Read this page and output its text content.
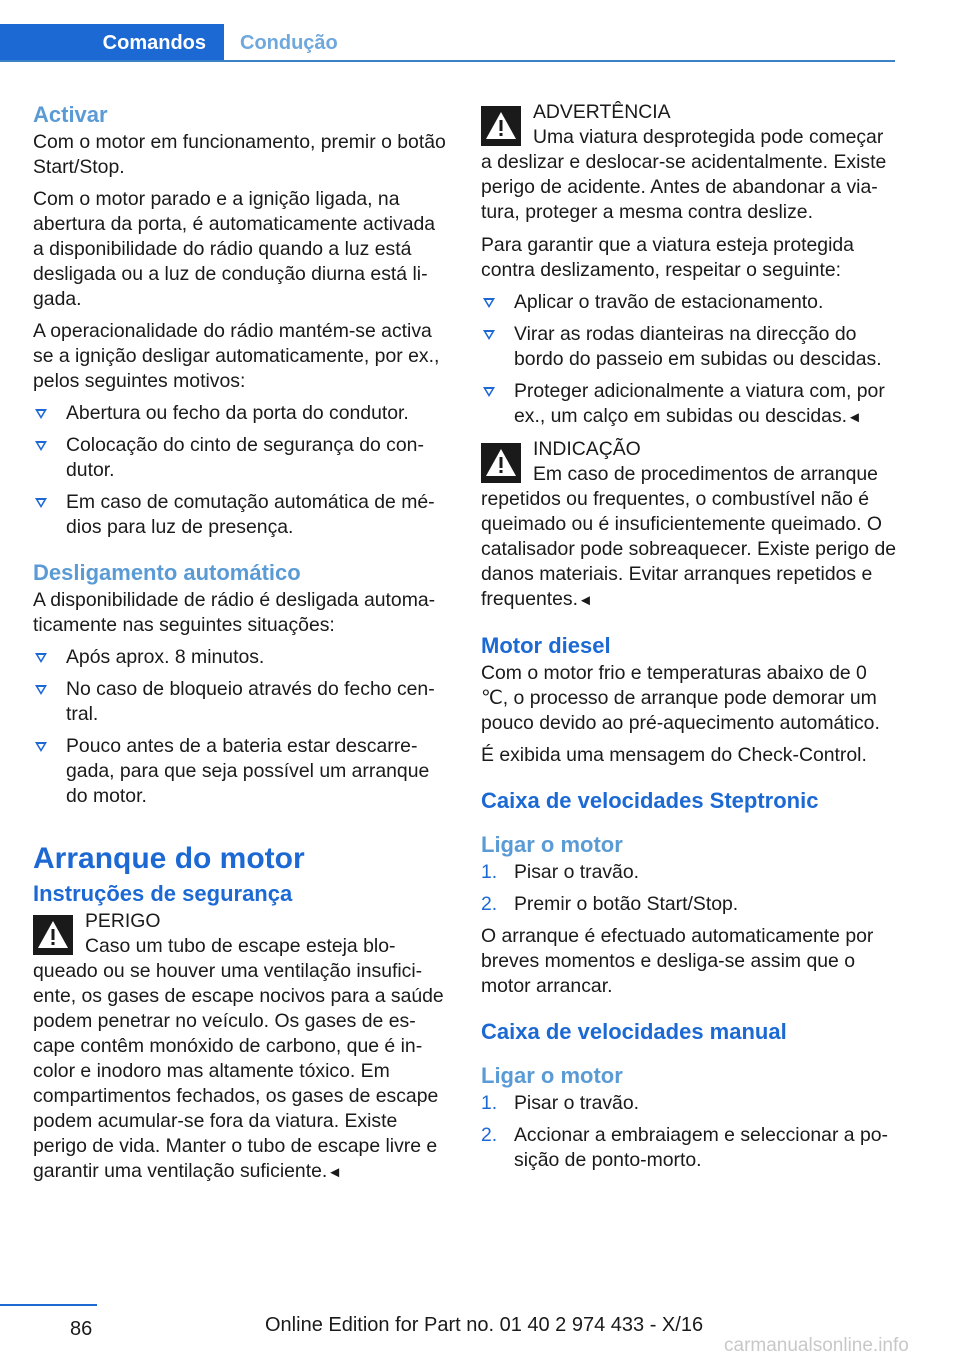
Comandos	Condução
Activar

Com o motor em funcionamento, premir o botão Start/Stop.

Com o motor parado e a ignição ligada, na abertura da porta, é automaticamente activada a disponibilidade do rádio quando a luz está desligada ou a luz de condução diurna está ligada.

A operacionalidade do rádio mantém-se activa se a ignição desligar automaticamente, por ex., pelos seguintes motivos:

Abertura ou fecho da porta do condutor.
Colocação do cinto de segurança do condutor.
Em caso de comutação automática de médios para luz de presença.
Desligamento automático

A disponibilidade de rádio é desligada automaticamente nas seguintes situações:

Após aprox. 8 minutos.
No caso de bloqueio através do fecho central.
Pouco antes de a bateria estar descarregada, para que seja possível um arranque do motor.
Arranque do motor
Instruções de segurança
PERIGO
Caso um tubo de escape esteja bloqueado ou se houver uma ventilação insuficiente, os gases de escape nocivos para a saúde podem penetrar no veículo. Os gases de escape contêm monóxido de carbono, que é incolor e inodoro mas altamente tóxico. Em compartimentos fechados, os gases de escape podem acumular-se fora da viatura. Existe perigo de vida. Manter o tubo de escape livre e garantir uma ventilação suficiente.◄
ADVERTÊNCIA
Uma viatura desprotegida pode começar a deslizar e deslocar-se acidentalmente. Existe perigo de acidente. Antes de abandonar a viatura, proteger a mesma contra deslize.

Para garantir que a viatura esteja protegida contra deslizamento, respeitar o seguinte:

Aplicar o travão de estacionamento.
Virar as rodas dianteiras na direcção do bordo do passeio em subidas ou descidas.
Proteger adicionalmente a viatura com, por ex., um calço em subidas ou descidas.◄
INDICAÇÃO
Em caso de procedimentos de arranque repetidos ou frequentes, o combustível não é queimado ou é insuficientemente queimado. O catalisador pode sobreaquecer. Existe perigo de danos materiais. Evitar arranques repetidos e frequentes.◄
Motor diesel

Com o motor frio e temperaturas abaixo de 0 ℃, o processo de arranque pode demorar um pouco devido ao pré-aquecimento automático.

É exibida uma mensagem do Check-Control.

Caixa de velocidades Steptronic
Ligar o motor
1. Pisar o travão.
2. Premir o botão Start/Stop.

O arranque é efectuado automaticamente por breves momentos e desliga-se assim que o motor arrancar.

Caixa de velocidades manual
Ligar o motor
1. Pisar o travão.
2. Accionar a embraiagem e seleccionar a posição de ponto-morto.
86	Online Edition for Part no. 01 40 2 974 433 - X/16
carmanualsonline.info
